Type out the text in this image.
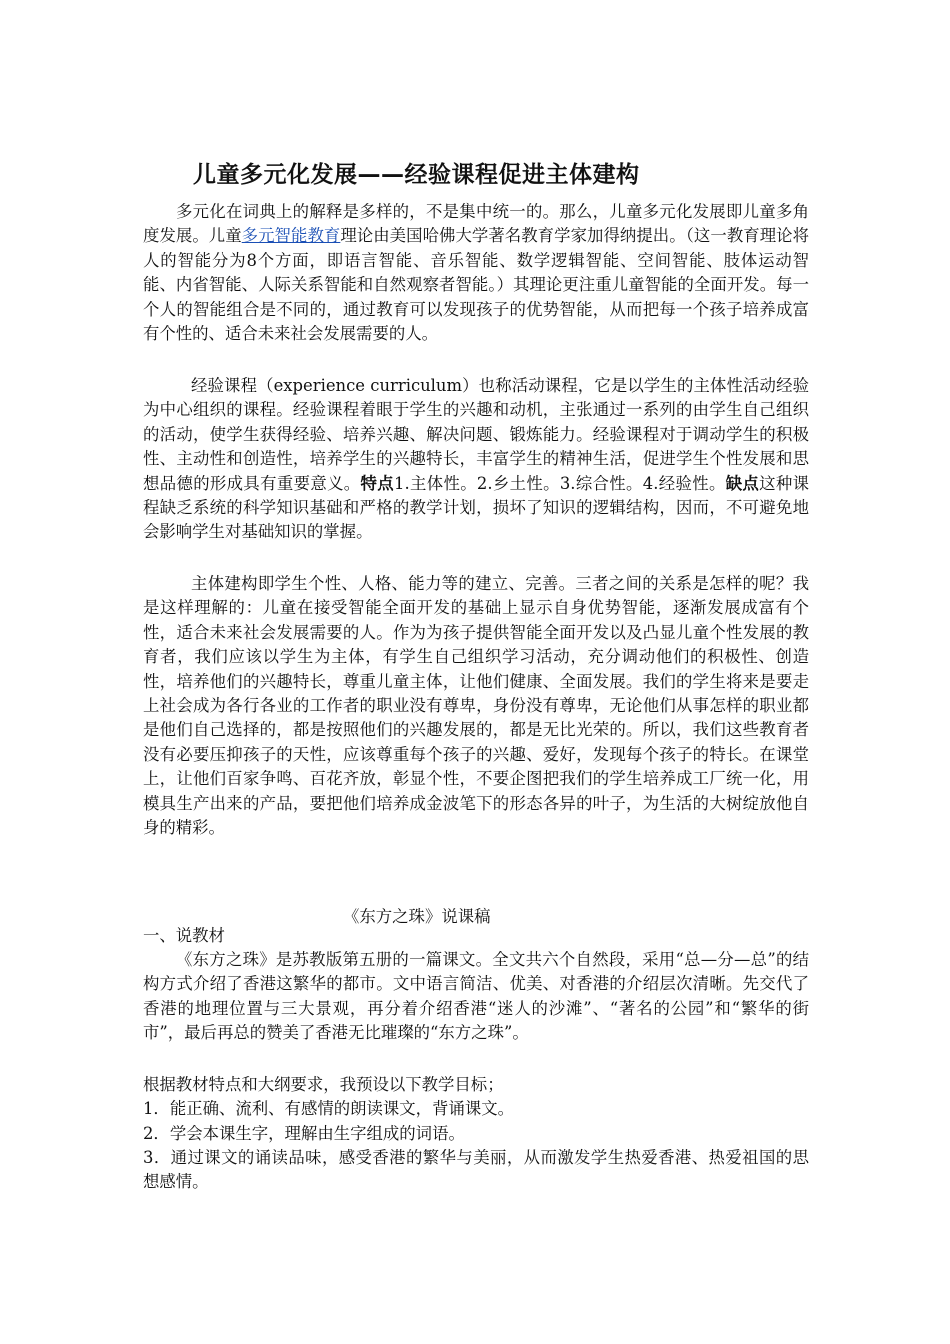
儿童多元化发展——经验课程促进主体建构

多元化在词典上的解释是多样的，不是集中统一的。那么，儿童多元化发展即儿童多角度发展。儿童多元智能教育理论由美国哈佛大学著名教育学家加得纳提出。（这一教育理论将人的智能分为8个方面，即语言智能、音乐智能、数学逻辑智能、空间智能、肢体运动智能、内省智能、人际关系智能和自然观察者智能。）其理论更注重儿童智能的全面开发。每一个人的智能组合是不同的，通过教育可以发现孩子的优势智能，从而把每一个孩子培养成富有个性的、适合未来社会发展需要的人。

经验课程（experience curriculum）也称活动课程，它是以学生的主体性活动经验为中心组织的课程。经验课程着眼于学生的兴趣和动机，主张通过一系列的由学生自己组织的活动，使学生获得经验、培养兴趣、解决问题、锻炼能力。经验课程对于调动学生的积极性、主动性和创造性，培养学生的兴趣特长，丰富学生的精神生活，促进学生个性发展和思想品德的形成具有重要意义。特点1.主体性。2.乡土性。3.综合性。4.经验性。缺点这种课程缺乏系统的科学知识基础和严格的教学计划，损坏了知识的逻辑结构，因而，不可避免地会影响学生对基础知识的掌握。

主体建构即学生个性、人格、能力等的建立、完善。三者之间的关系是怎样的呢？我是这样理解的：儿童在接受智能全面开发的基础上显示自身优势智能，逐渐发展成富有个性，适合未来社会发展需要的人。作为为孩子提供智能全面开发以及凸显儿童个性发展的教育者，我们应该以学生为主体，有学生自己组织学习活动，充分调动他们的积极性、创造性，培养他们的兴趣特长，尊重儿童主体，让他们健康、全面发展。我们的学生将来是要走上社会成为各行各业的工作者的职业没有尊卑，身份没有尊卑，无论他们从事怎样的职业都是他们自己选择的，都是按照他们的兴趣发展的，都是无比光荣的。所以，我们这些教育者没有必要压抑孩子的天性，应该尊重每个孩子的兴趣、爱好，发现每个孩子的特长。在课堂上，让他们百家争鸣、百花齐放，彰显个性，不要企图把我们的学生培养成工厂统一化，用模具生产出来的产品，要把他们培养成金波笔下的形态各异的叶子，为生活的大树绽放他自身的精彩。

《东方之珠》说课稿
一、说教材

《东方之珠》是苏教版第五册的一篇课文。全文共六个自然段，采用“总—分—总”的结构方式介绍了香港这繁华的都市。文中语言简洁、优美、对香港的介绍层次清晰。先交代了香港的地理位置与三大景观，再分着介绍香港“迷人的沙滩”、“著名的公园”和“繁华的街市”，最后再总的赞美了香港无比璀璨的“东方之珠”。

根据教材特点和大纲要求，我预设以下教学目标；
1．能正确、流利、有感情的朗读课文，背诵课文。
2．学会本课生字，理解由生字组成的词语。

3．通过课文的诵读品味，感受香港的繁华与美丽，从而激发学生热爱香港、热爱祖国的思想感情。
